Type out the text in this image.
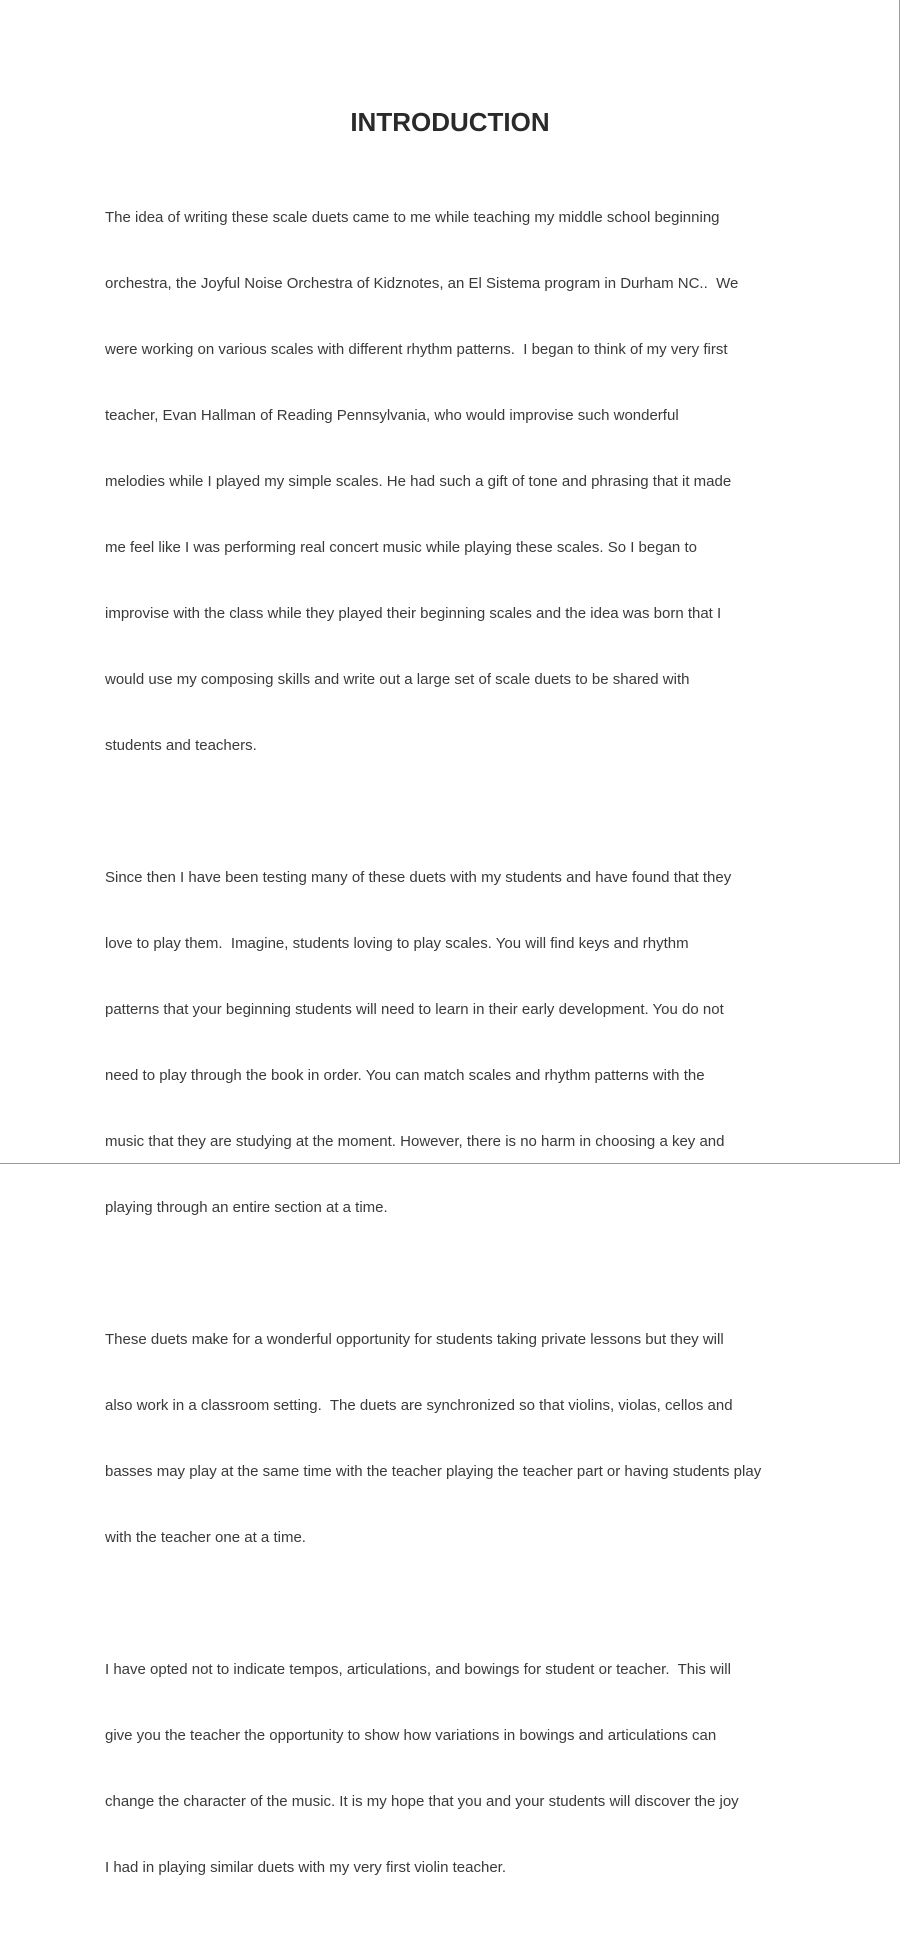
INTRODUCTION

The idea of writing these scale duets came to me while teaching my middle school beginning

orchestra, the Joyful Noise Orchestra of Kidznotes, an El Sistema program in Durham NC..  We

were working on various scales with different rhythm patterns.  I began to think of my very first

teacher, Evan Hallman of Reading Pennsylvania, who would improvise such wonderful

melodies while I played my simple scales. He had such a gift of tone and phrasing that it made

me feel like I was performing real concert music while playing these scales. So I began to

improvise with the class while they played their beginning scales and the idea was born that I

would use my composing skills and write out a large set of scale duets to be shared with

students and teachers.

Since then I have been testing many of these duets with my students and have found that they

love to play them.  Imagine, students loving to play scales. You will find keys and rhythm

patterns that your beginning students will need to learn in their early development. You do not

need to play through the book in order. You can match scales and rhythm patterns with the

music that they are studying at the moment. However, there is no harm in choosing a key and

playing through an entire section at a time.

These duets make for a wonderful opportunity for students taking private lessons but they will

also work in a classroom setting.  The duets are synchronized so that violins, violas, cellos and

basses may play at the same time with the teacher playing the teacher part or having students play

with the teacher one at a time.

I have opted not to indicate tempos, articulations, and bowings for student or teacher.  This will

give you the teacher the opportunity to show how variations in bowings and articulations can

change the character of the music. It is my hope that you and your students will discover the joy

I had in playing similar duets with my very first violin teacher.
